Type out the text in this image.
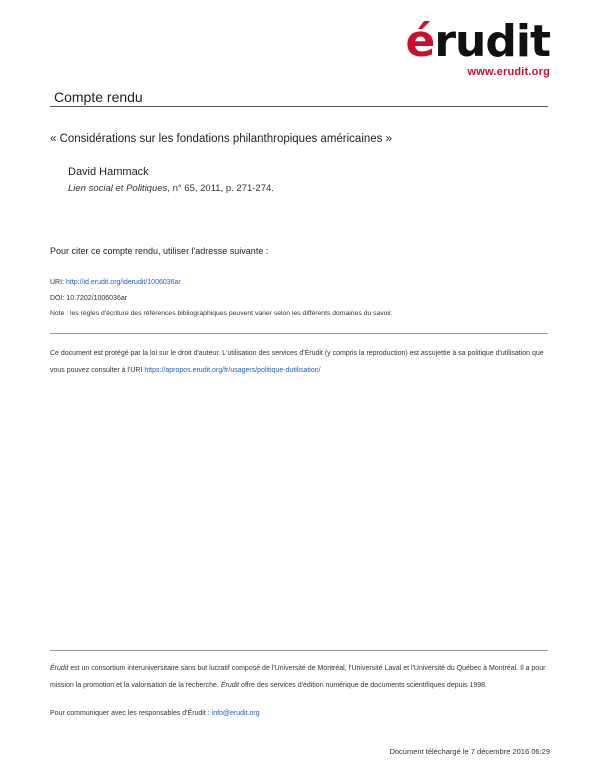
érudit
www.erudit.org
Compte rendu
« Considérations sur les fondations philanthropiques américaines »
David Hammack
Lien social et Politiques, n° 65, 2011, p. 271-274.
Pour citer ce compte rendu, utiliser l'adresse suivante :
URI: http://id.erudit.org/iderudit/1006036ar
DOI: 10.7202/1006036ar
Note : les règles d'écriture des références bibliographiques peuvent varier selon les différents domaines du savoir.
Ce document est protégé par la loi sur le droit d'auteur. L'utilisation des services d'Érudit (y compris la reproduction) est assujettie à sa politique d'utilisation que vous pouvez consulter à l'URI https://apropos.erudit.org/fr/usagers/politique-dutilisation/
Érudit est un consortium interuniversitaire sans but lucratif composé de l'Université de Montréal, l'Université Laval et l'Université du Québec à Montréal. Il a pour mission la promotion et la valorisation de la recherche. Érudit offre des services d'édition numérique de documents scientifiques depuis 1998.
Pour communiquer avec les responsables d'Érudit : info@erudit.org
Document téléchargé le 7 décembre 2016 06:29
